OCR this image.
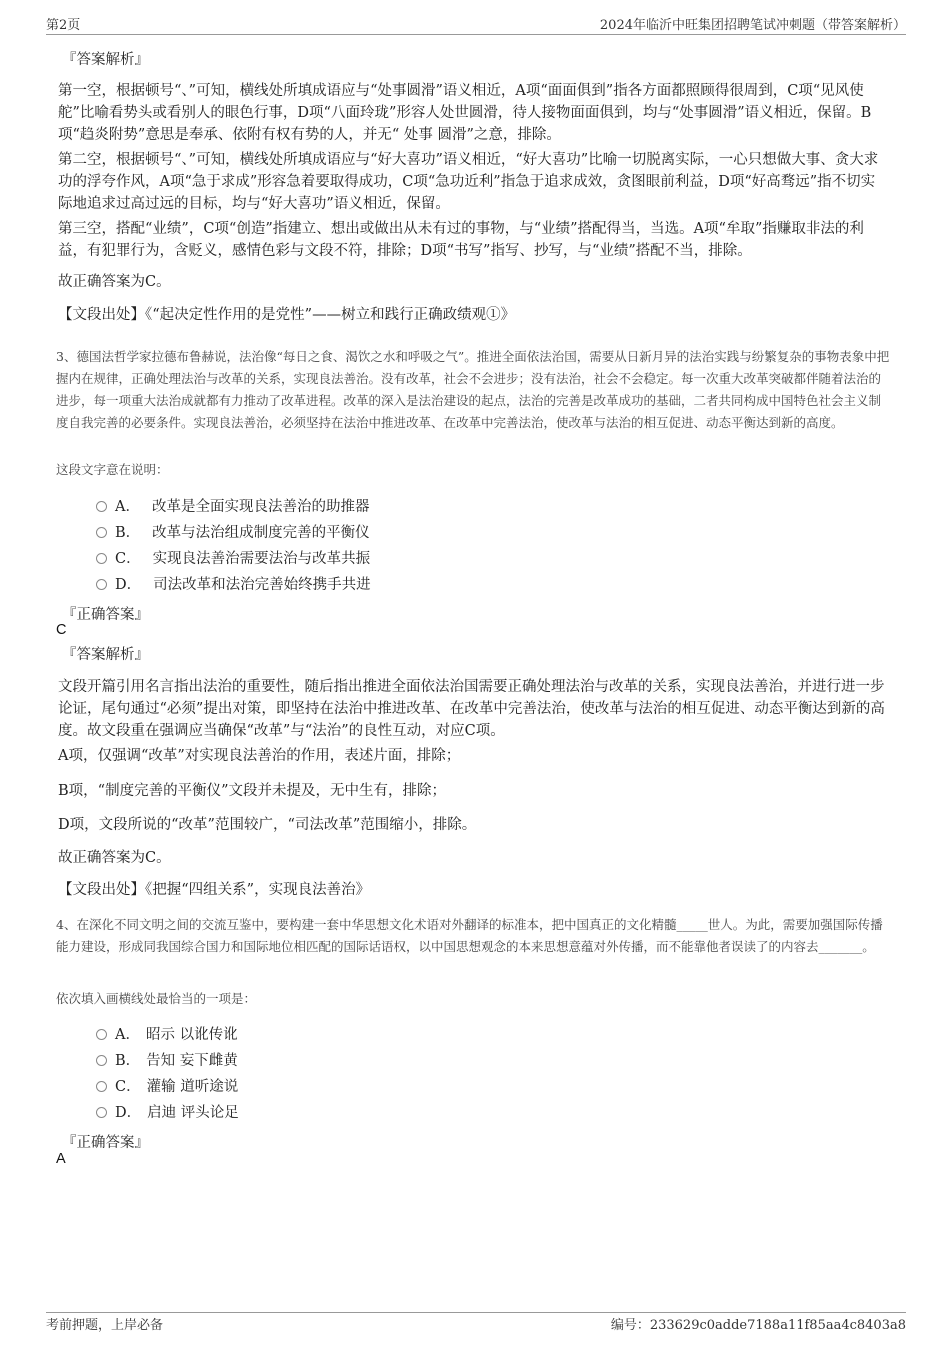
第2页	2024年临沂中旺集团招聘笔试冲刺题（带答案解析）
『答案解析』
第一空，根据顿号“、”可知，横线处所填成语应与“处事圆滑”语义相近，A项“面面俱到”指各方面都照顾得很周到，C项“见风使舵”比喻看势头或看别人的眼色行事，D项“八面玲珑”形容人处世圆滑，待人接物面面俱到，均与“处事圆滑”语义相近，保留。B项“趋炎附势”意思是奉承、依附有权有势的人，并无“ 处事 圆滑”之意，排除。
第二空，根据顿号“、”可知，横线处所填成语应与“好大喜功”语义相近，“好大喜功”比喻一切脱离实际，一心只想做大事、贪大求功的浮夸作风，A项“急于求成”形容急着要取得成功，C项“急功近利”指急于追求成效，贪图眼前利益，D项“好高骛远”指不切实际地追求过高过远的目标，均与“好大喜功”语义相近，保留。
第三空，搭配“业绩”，C项“创造”指建立、想出或做出从未有过的事物，与“业绩”搭配得当，当选。A项“牟取”指赚取非法的利益，有犯罪行为，含贬义，感情色彩与文段不符，排除；D项“书写”指写、抄写，与“业绩”搭配不当，排除。
故正确答案为C。
【文段出处】《“起决定性作用的是党性”——树立和践行正确政绩观①》
3、德国法哲学家拉德布鲁赫说，法治像“每日之食、渴饮之水和呼吸之气”。推进全面依法治国，需要从日新月异的法治实践与纷繁复杂的事物表象中把握内在规律，正确处理法治与改革的关系，实现良法善治。没有改革，社会不会进步；没有法治，社会不会稳定。每一次重大改革突破都伴随着法治的进步，每一项重大法治成就都有力推动了改革进程。改革的深入是法治建设的起点，法治的完善是改革成功的基础，二者共同构成中国特色社会主义制度自我完善的必要条件。实现良法善治，必须坚持在法治中推进改革、在改革中完善法治，使改革与法治的相互促进、动态平衡达到新的高度。
这段文字意在说明：
A． 改革是全面实现良法善治的助推器
B． 改革与法治组成制度完善的平衡仪
C． 实现良法善治需要法治与改革共振
D． 司法改革和法治完善始终携手共进
『正确答案』
C
『答案解析』
文段开篇引用名言指出法治的重要性，随后指出推进全面依法治国需要正确处理法治与改革的关系，实现良法善治，并进行进一步论证，尾句通过“必须”提出对策，即坚持在法治中推进改革、在改革中完善法治，使改革与法治的相互促进、动态平衡达到新的高度。故文段重在强调应当确保“改革”与“法治”的良性互动，对应C项。
A项，仅强调“改革”对实现良法善治的作用，表述片面，排除；
B项，“制度完善的平衡仪”文段并未提及，无中生有，排除；
D项，文段所说的“改革”范围较广，“司法改革”范围缩小，排除。
故正确答案为C。
【文段出处】《把握“四组关系”，实现良法善治》
4、在深化不同文明之间的交流互鉴中，要构建一套中华思想文化术语对外翻译的标准本，把中国真正的文化精髓_____世人。为此，需要加强国际传播能力建设，形成同我国综合国力和国际地位相匹配的国际话语权，以中国思想观念的本来思想意蕴对外传播，而不能靠他者误读了的内容去_______。
依次填入画横线处最恰当的一项是：
A． 昭示 以讹传讹
B． 告知 妄下雌黄
C． 灌输 道听途说
D． 启迪 评头论足
『正确答案』
A
考前押题，上岸必备	编号：233629c0adde7188a11f85aa4c8403a8
